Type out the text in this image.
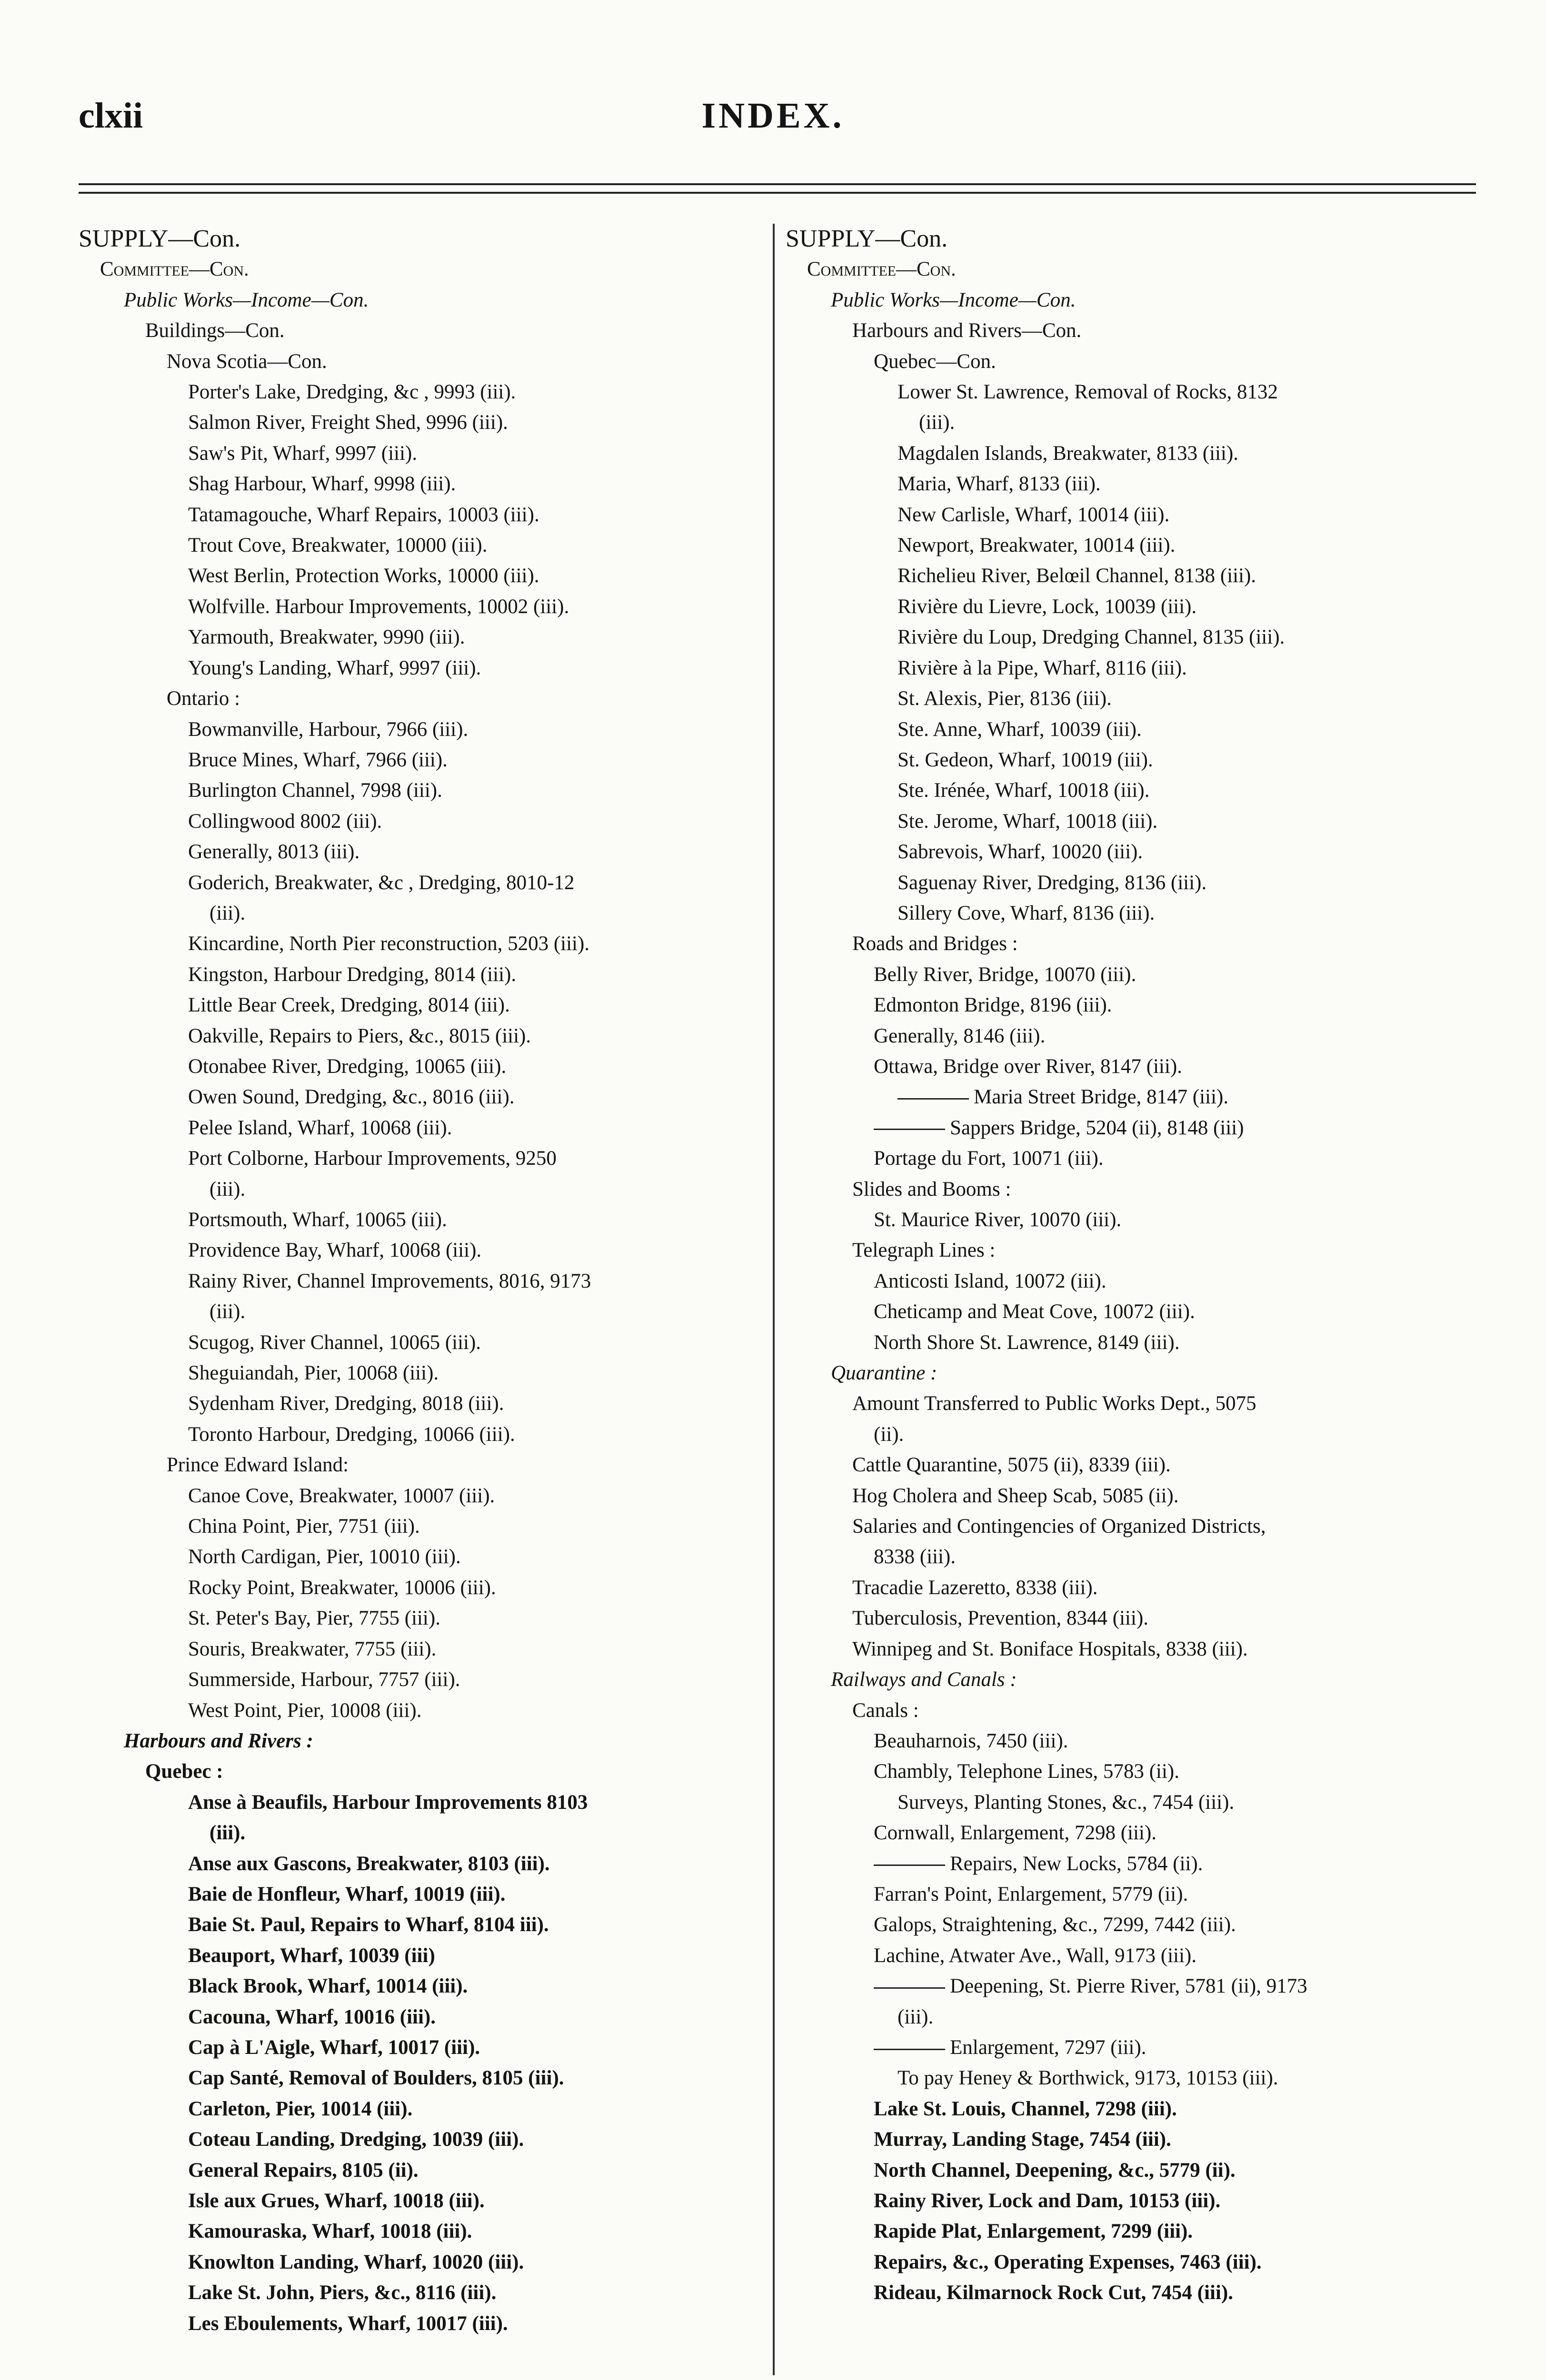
clxii	INDEX.
SUPPLY—Con.
Committee—Con.
Public Works—Income—Con.
Buildings—Con.
Nova Scotia—Con.
Porter's Lake, Dredging, &c , 9993 (iii).
Salmon River, Freight Shed, 9996 (iii).
Saw's Pit, Wharf, 9997 (iii).
Shag Harbour, Wharf, 9998 (iii).
Tatamagouche, Wharf Repairs, 10003 (iii).
Trout Cove, Breakwater, 10000 (iii).
West Berlin, Protection Works, 10000 (iii).
Wolfville. Harbour Improvements, 10002 (iii).
Yarmouth, Breakwater, 9990 (iii).
Young's Landing, Wharf, 9997 (iii).
Ontario :
Bowmanville, Harbour, 7966 (iii).
Bruce Mines, Wharf, 7966 (iii).
Burlington Channel, 7998 (iii).
Collingwood 8002 (iii).
Generally, 8013 (iii).
Goderich, Breakwater, &c , Dredging, 8010-12
(iii).
Kincardine, North Pier reconstruction, 5203 (iii).
Kingston, Harbour Dredging, 8014 (iii).
Little Bear Creek, Dredging, 8014 (iii).
Oakville, Repairs to Piers, &c., 8015 (iii).
Otonabee River, Dredging, 10065 (iii).
Owen Sound, Dredging, &c., 8016 (iii).
Pelee Island, Wharf, 10068 (iii).
Port Colborne, Harbour Improvements, 9250
(iii).
Portsmouth, Wharf, 10065 (iii).
Providence Bay, Wharf, 10068 (iii).
Rainy River, Channel Improvements, 8016, 9173
(iii).
Scugog, River Channel, 10065 (iii).
Sheguiandah, Pier, 10068 (iii).
Sydenham River, Dredging, 8018 (iii).
Toronto Harbour, Dredging, 10066 (iii).
Prince Edward Island:
Canoe Cove, Breakwater, 10007 (iii).
China Point, Pier, 7751 (iii).
North Cardigan, Pier, 10010 (iii).
Rocky Point, Breakwater, 10006 (iii).
St. Peter's Bay, Pier, 7755 (iii).
Souris, Breakwater, 7755 (iii).
Summerside, Harbour, 7757 (iii).
West Point, Pier, 10008 (iii).
Harbours and Rivers :
Quebec :
Anse à Beaufils, Harbour Improvements 8103
(iii).
Anse aux Gascons, Breakwater, 8103 (iii).
Baie de Honfleur, Wharf, 10019 (iii).
Baie St. Paul, Repairs to Wharf, 8104 iii).
Beauport, Wharf, 10039 (iii)
Black Brook, Wharf, 10014 (iii).
Cacouna, Wharf, 10016 (iii).
Cap à L'Aigle, Wharf, 10017 (iii).
Cap Santé, Removal of Boulders, 8105 (iii).
Carleton, Pier, 10014 (iii).
Coteau Landing, Dredging, 10039 (iii).
General Repairs, 8105 (ii).
Isle aux Grues, Wharf, 10018 (iii).
Kamouraska, Wharf, 10018 (iii).
Knowlton Landing, Wharf, 10020 (iii).
Lake St. John, Piers, &c., 8116 (iii).
Les Eboulements, Wharf, 10017 (iii).
SUPPLY—Con.
Committee—Con.
Public Works—Income—Con.
Harbours and Rivers—Con.
Quebec—Con.
Lower St. Lawrence, Removal of Rocks, 8132
(iii).
Magdalen Islands, Breakwater, 8133 (iii).
Maria, Wharf, 8133 (iii).
New Carlisle, Wharf, 10014 (iii).
Newport, Breakwater, 10014 (iii).
Richelieu River, Belœil Channel, 8138 (iii).
Rivière du Lievre, Lock, 10039 (iii).
Rivière du Loup, Dredging Channel, 8135 (iii).
Rivière à la Pipe, Wharf, 8116 (iii).
St. Alexis, Pier, 8136 (iii).
Ste. Anne, Wharf, 10039 (iii).
St. Gedeon, Wharf, 10019 (iii).
Ste. Irénée, Wharf, 10018 (iii).
Ste. Jerome, Wharf, 10018 (iii).
Sabrevois, Wharf, 10020 (iii).
Saguenay River, Dredging, 8136 (iii).
Sillery Cove, Wharf, 8136 (iii).
Roads and Bridges :
Belly River, Bridge, 10070 (iii).
Edmonton Bridge, 8196 (iii).
Generally, 8146 (iii).
Ottawa, Bridge over River, 8147 (iii).
Maria Street Bridge, 8147 (iii).
Sappers Bridge, 5204 (ii), 8148 (iii)
Portage du Fort, 10071 (iii).
Slides and Booms :
St. Maurice River, 10070 (iii).
Telegraph Lines :
Anticosti Island, 10072 (iii).
Cheticamp and Meat Cove, 10072 (iii).
North Shore St. Lawrence, 8149 (iii).
Quarantine :
Amount Transferred to Public Works Dept., 5075
(ii).
Cattle Quarantine, 5075 (ii), 8339 (iii).
Hog Cholera and Sheep Scab, 5085 (ii).
Salaries and Contingencies of Organized Districts,
8338 (iii).
Tracadie Lazeretto, 8338 (iii).
Tuberculosis, Prevention, 8344 (iii).
Winnipeg and St. Boniface Hospitals, 8338 (iii).
Railways and Canals :
Canals :
Beauharnois, 7450 (iii).
Chambly, Telephone Lines, 5783 (ii).
Surveys, Planting Stones, &c., 7454 (iii).
Cornwall, Enlargement, 7298 (iii).
Repairs, New Locks, 5784 (ii).
Farran's Point, Enlargement, 5779 (ii).
Galops, Straightening, &c., 7299, 7442 (iii).
Lachine, Atwater Ave., Wall, 9173 (iii).
Deepening, St. Pierre River, 5781 (ii), 9173
(iii).
Enlargement, 7297 (iii).
To pay Heney & Borthwick, 9173, 10153 (iii).
Lake St. Louis, Channel, 7298 (iii).
Murray, Landing Stage, 7454 (iii).
North Channel, Deepening, &c., 5779 (ii).
Rainy River, Lock and Dam, 10153 (iii).
Rapide Plat, Enlargement, 7299 (iii).
Repairs, &c., Operating Expenses, 7463 (iii).
Rideau, Kilmarnock Rock Cut, 7454 (iii).
